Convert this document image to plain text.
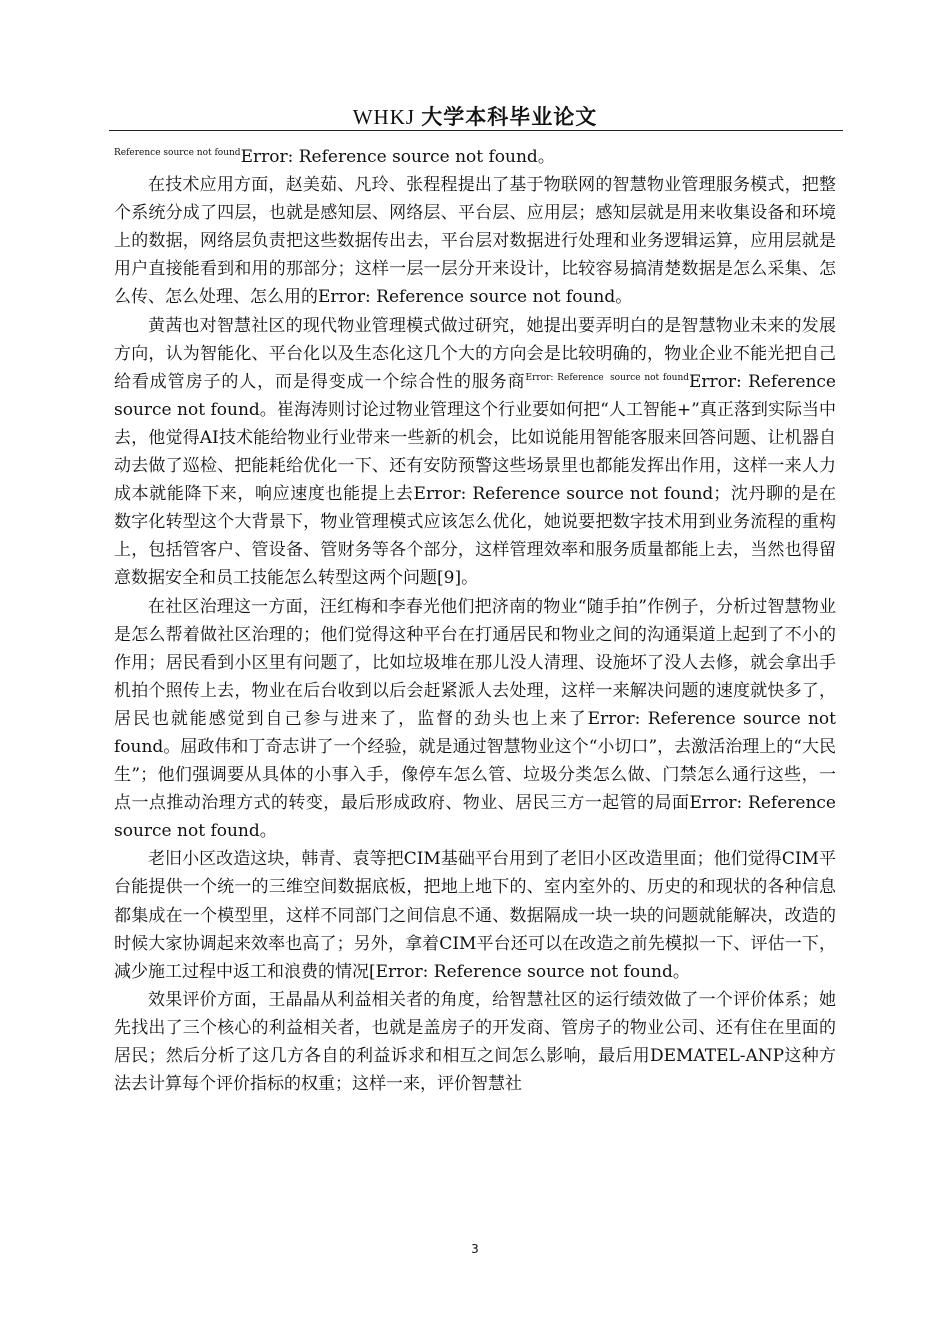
WHKJ 大学本科毕业论文

$^{Reference source not found}$Error: Reference source not found。

在技术应用方面，赵美茹、凡玲、张程程提出了基于物联网的智慧物业管理服务模式，把整个系统分成了四层，也就是感知层、网络层、平台层、应用层；感知层就是用来收集设备和环境上的数据，网络层负责把这些数据传出去，平台层对数据进行处理和业务逻辑运算，应用层就是用户直接能看到和用的那部分；这样一层一层分开来设计，比较容易搞清楚数据是怎么采集、怎么传、怎么处理、怎么用的Error: Reference source not found。

黄茜也对智慧社区的现代物业管理模式做过研究，她提出要弄明白的是智慧物业未来的发展方向，认为智能化、平台化以及生态化这几个大的方向会是比较明确的，物业企业不能光把自己给看成管房子的人，而是得变成一个综合性的服务商$^{Error: Reference}$ $^{source not found}$Error: Reference source not found。崔海涛则讨论过物业管理这个行业要如何把“人工智能+”真正落到实际当中去，他觉得AI技术能给物业行业带来一些新的机会，比如说能用智能客服来回答问题、让机器自动去做了巡检、把能耗给优化一下、还有安防预警这些场景里也都能发挥出作用，这样一来人力成本就能降下来，响应速度也能提上去Error: Reference source not found；沈丹聊的是在数字化转型这个大背景下，物业管理模式应该怎么优化，她说要把数字技术用到业务流程的重构上，包括管客户、管设备、管财务等各个部分，这样管理效率和服务质量都能上去，当然也得留意数据安全和员工技能怎么转型这两个问题[9]。

在社区治理这一方面，汪红梅和李春光他们把济南的物业“随手拍”作例子，分析过智慧物业是怎么帮着做社区治理的；他们觉得这种平台在打通居民和物业之间的沟通渠道上起到了不小的作用；居民看到小区里有问题了，比如垃圾堆在那儿没人清理、设施坏了没人去修，就会拿出手机拍个照传上去，物业在后台收到以后会赶紧派人去处理，这样一来解决问题的速度就快多了，居民也就能感觉到自己参与进来了，监督的劲头也上来了Error: Reference source not found。屈政伟和丁奇志讲了一个经验，就是通过智慧物业这个“小切口”，去激活治理上的“大民生”；他们强调要从具体的小事入手，像停车怎么管、垃圾分类怎么做、门禁怎么通行这些，一点一点推动治理方式的转变，最后形成政府、物业、居民三方一起管的局面Error: Reference source not found。

老旧小区改造这块，韩青、袁等把CIM基础平台用到了老旧小区改造里面；他们觉得CIM平台能提供一个统一的三维空间数据底板，把地上地下的、室内室外的、历史的和现状的各种信息都集成在一个模型里，这样不同部门之间信息不通、数据隔成一块一块的问题就能解决，改造的时候大家协调起来效率也高了；另外，拿着CIM平台还可以在改造之前先模拟一下、评估一下，减少施工过程中返工和浪费的情况[Error: Reference source not found。

效果评价方面，王晶晶从利益相关者的角度，给智慧社区的运行绩效做了一个评价体系；她先找出了三个核心的利益相关者，也就是盖房子的开发商、管房子的物业公司、还有住在里面的居民；然后分析了这几方各自的利益诉求和相互之间怎么影响，最后用DEMATEL-ANP这种方法去计算每个评价指标的权重；这样一来，评价智慧社

3
